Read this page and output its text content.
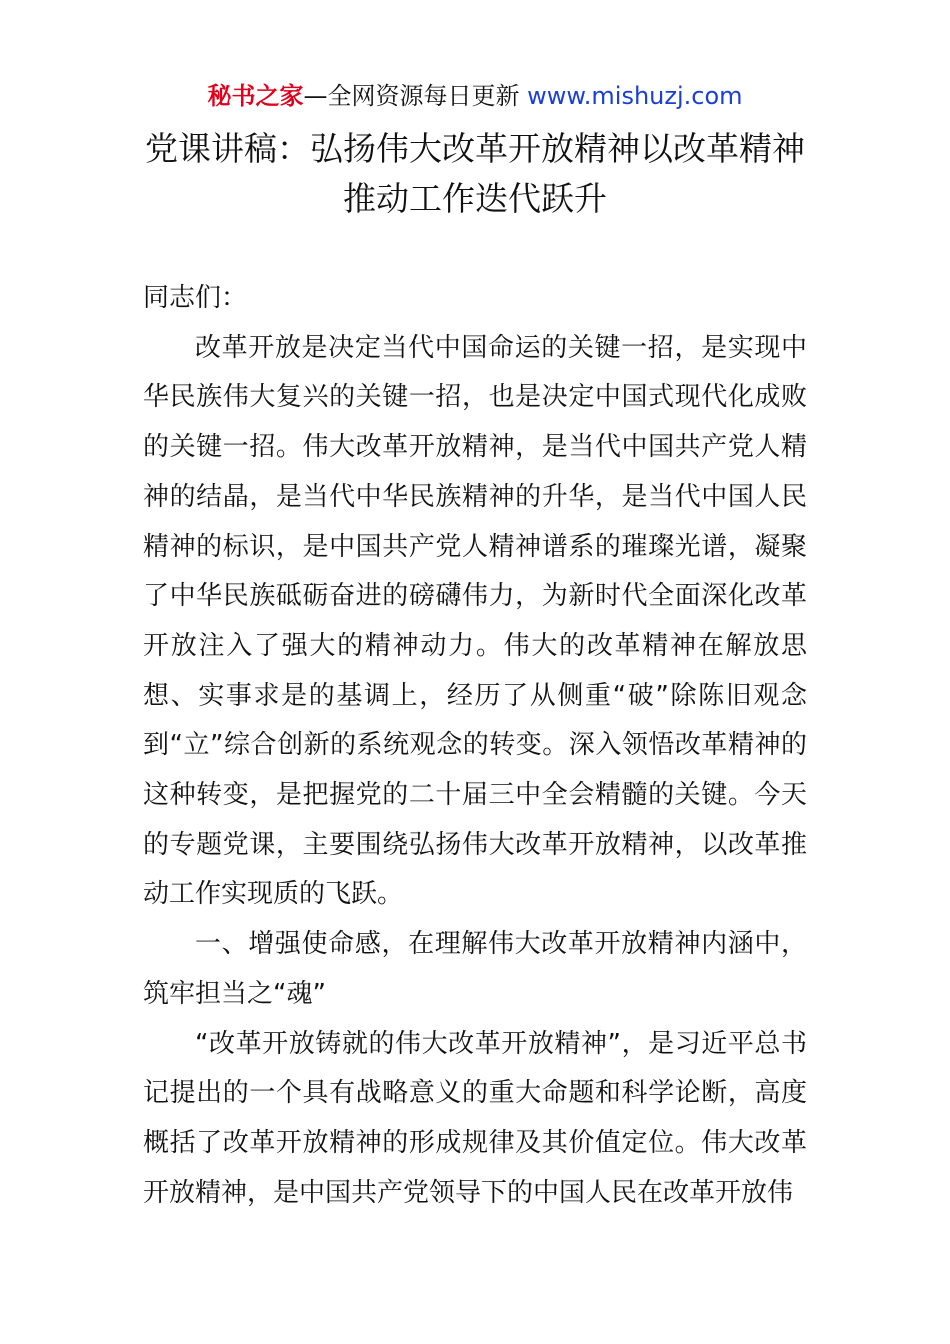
秘书之家—全网资源每日更新 www.mishuzj.com
党课讲稿：弘扬伟大改革开放精神以改革精神
推动工作迭代跃升

同志们：

改革开放是决定当代中国命运的关键一招，是实现中华民族伟大复兴的关键一招，也是决定中国式现代化成败的关键一招。伟大改革开放精神，是当代中国共产党人精神的结晶，是当代中华民族精神的升华，是当代中国人民精神的标识，是中国共产党人精神谱系的璀璨光谱，凝聚了中华民族砥砺奋进的磅礴伟力，为新时代全面深化改革开放注入了强大的精神动力。伟大的改革精神在解放思想、实事求是的基调上，经历了从侧重“破”除陈旧观念到“立”综合创新的系统观念的转变。深入领悟改革精神的这种转变，是把握党的二十届三中全会精髓的关键。今天的专题党课，主要围绕弘扬伟大改革开放精神，以改革推动工作实现质的飞跃。

一、增强使命感，在理解伟大改革开放精神内涵中，筑牢担当之“魂”

“改革开放铸就的伟大改革开放精神”，是习近平总书记提出的一个具有战略意义的重大命题和科学论断，高度概括了改革开放精神的形成规律及其价值定位。伟大改革开放精神，是中国共产党领导下的中国人民在改革开放伟
